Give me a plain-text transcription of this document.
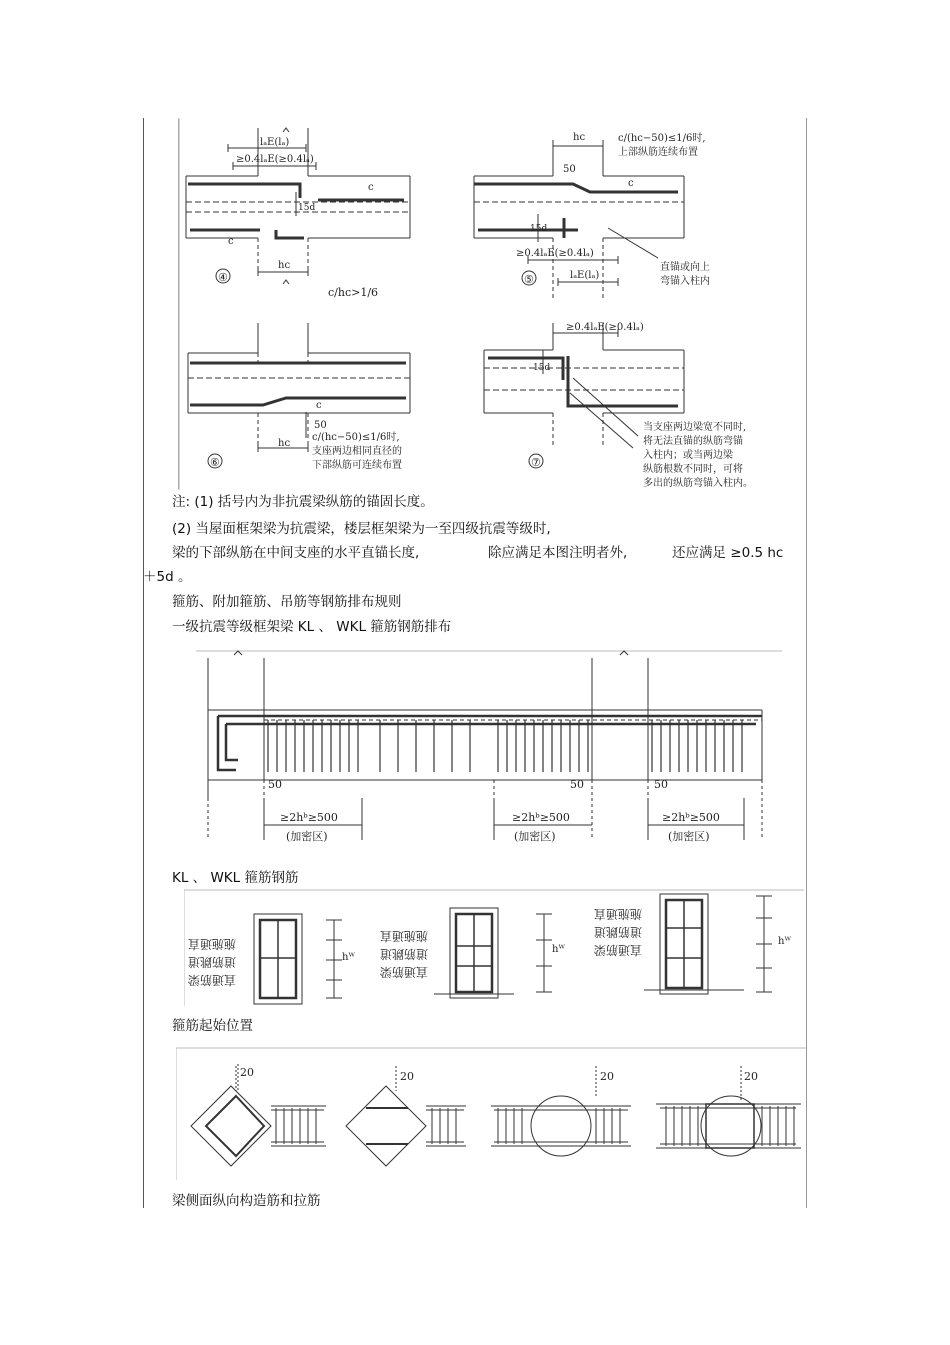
lₐE(lₐ)
≥0.4lₐE(≥0.4lₐ)
c
15d
c
hᴄ
④
c/hᴄ>1/6
hᴄ	c/(hᴄ−50)≤1/6时,
上部纵筋连续布置
50
c
15d
≥0.4lₐE(≥0.4lₐ)
直锚或向上
弯锚入柱内
lₐE(lₐ)
⑤
c
50
hᴄ
c/(hᴄ−50)≤1/6时,
支座两边相同直径的
下部纵筋可连续布置
⑥
≥0.4lₐE(≥0.4lₐ)
15d
当支座两边梁宽不同时,
将无法直锚的纵筋弯锚
入柱内；或当两边梁
纵筋根数不同时，可将
多出的纵筋弯锚入柱内。
⑦
注: (1) 括号内为非抗震梁纵筋的锚固长度。
(2) 当屋面框架梁为抗震梁，楼层框架梁为一至四级抗震等级时,
梁的下部纵筋在中间支座的水平直锚长度,	除应满足本图注明者外,	还应满足 ≥0.5 hc
＋5d 。
箍筋、附加箍筋、吊筋等钢筋排布规则
一级抗震等级框架梁 KL 、 WKL 箍筋钢筋排布
50	50	50
≥2hᵇ≥500	≥2hᵇ≥500	≥2hᵇ≥500
(加密区)	(加密区)	(加密区)
KL 、 WKL 箍筋钢筋
施施通直
道筋跳道
直通筋梁
施施通直
道筋跳道
直通筋梁
施施通直
道筋跳道
直通筋梁
hᵂ
hᵂ
hᵂ
箍筋起始位置
20	20	20	20
梁侧面纵向构造筋和拉筋
